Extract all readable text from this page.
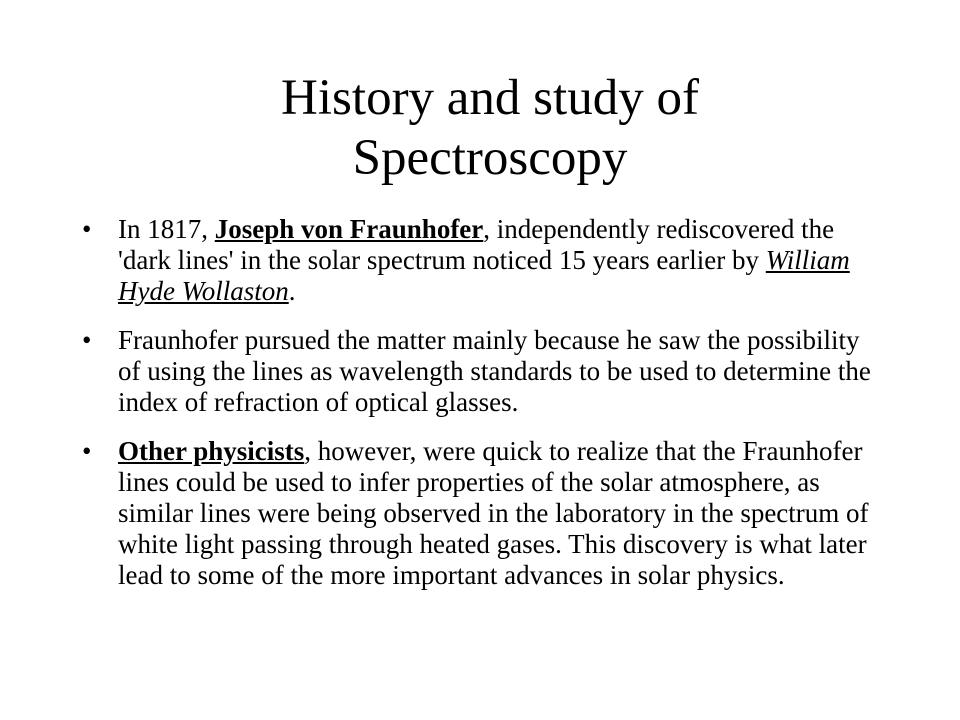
History and study of
Spectroscopy
• In 1817, Joseph von Fraunhofer, independently rediscovered the 'dark lines' in the solar spectrum noticed 15 years earlier by William Hyde Wollaston.
• Fraunhofer pursued the matter mainly because he saw the possibility of using the lines as wavelength standards to be used to determine the index of refraction of optical glasses.
• Other physicists, however, were quick to realize that the Fraunhofer lines could be used to infer properties of the solar atmosphere, as similar lines were being observed in the laboratory in the spectrum of white light passing through heated gases. This discovery is what later lead to some of the more important advances in solar physics.
